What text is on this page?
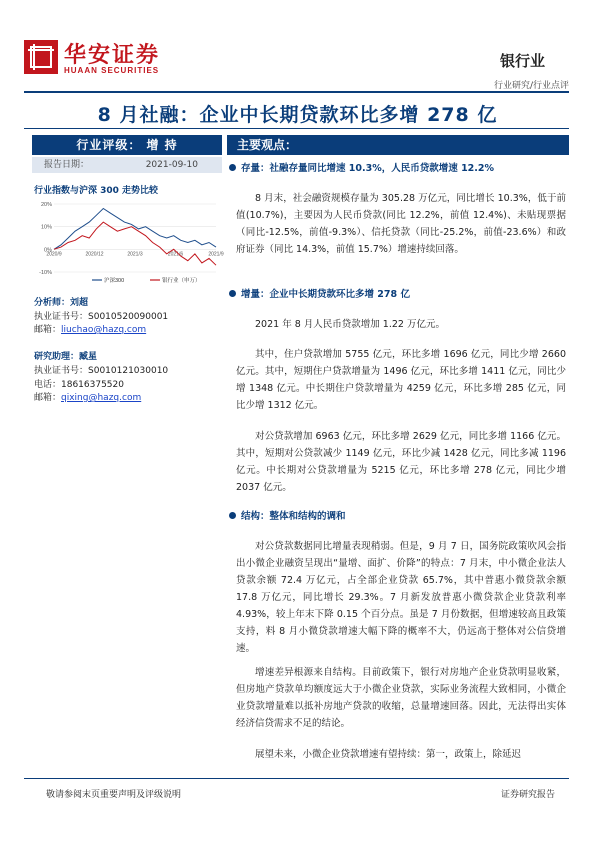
华安证券
HUAAN SECURITIES
银行业
行业研究/行业点评
8 月社融：企业中长期贷款环比多增 278 亿
行业评级： 增 持
报告日期：	2021-09-10
行业指数与沪深 300 走势比较
20%
10%
0%
-10%
2020/9	2020/12	2021/3	2021/6	2021/9
沪深300	银行业（申万）
分析师：刘超
执业证书号：S0010520090001
邮箱：liuchao@hazq.com
研究助理：臧星
执业证书号：S0010121030010
电话：18616375520
邮箱：qixing@hazq.com
主要观点：
存量：社融存量同比增速 10.3%，人民币贷款增速 12.2%

8 月末，社会融资规模存量为 305.28 万亿元，同比增长 10.3%，低于前值(10.7%)，主要因为人民币贷款(同比 12.2%，前值 12.4%)、未贴现票据（同比-12.5%，前值-9.3%）、信托贷款（同比-25.2%，前值-23.6%）和政府证券（同比 14.3%，前值 15.7%）增速持续回落。

增量：企业中长期贷款环比多增 278 亿

2021 年 8 月人民币贷款增加 1.22 万亿元。

其中，住户贷款增加 5755 亿元，环比多增 1696 亿元，同比少增 2660 亿元。其中，短期住户贷款增量为 1496 亿元，环比多增 1411 亿元，同比少增 1348 亿元。中长期住户贷款增量为 4259 亿元，环比多增 285 亿元，同比少增 1312 亿元。

对公贷款增加 6963 亿元，环比多增 2629 亿元，同比多增 1166 亿元。其中，短期对公贷款减少 1149 亿元，环比少减 1428 亿元，同比多减 1196 亿元。中长期对公贷款增量为 5215 亿元，环比多增 278 亿元，同比少增 2037 亿元。

结构：整体和结构的调和

对公贷款数据同比增量表现稍弱。但是，9 月 7 日，国务院政策吹风会指出小微企业融资呈现出“量增、面扩、价降”的特点：7 月末，中小微企业法人贷款余额 72.4 万亿元，占全部企业贷款 65.7%，其中普惠小微贷款余额 17.8 万亿元，同比增长 29.3%。7 月新发放普惠小微贷款企业贷款利率 4.93%，较上年末下降 0.15 个百分点。虽是 7 月份数据，但增速较高且政策支持，料 8 月小微贷款增速大幅下降的概率不大，仍远高于整体对公信贷增速。

增速差异根源来自结构。目前政策下，银行对房地产企业贷款明显收紧，但房地产贷款单均额度远大于小微企业贷款，实际业务流程大致相同，小微企业贷款增量难以抵补房地产贷款的收缩，总量增速回落。因此，无法得出实体经济信贷需求不足的结论。

展望未来，小微企业贷款增速有望持续：第一，政策上，除延迟

敬请参阅末页重要声明及评级说明	证券研究报告
